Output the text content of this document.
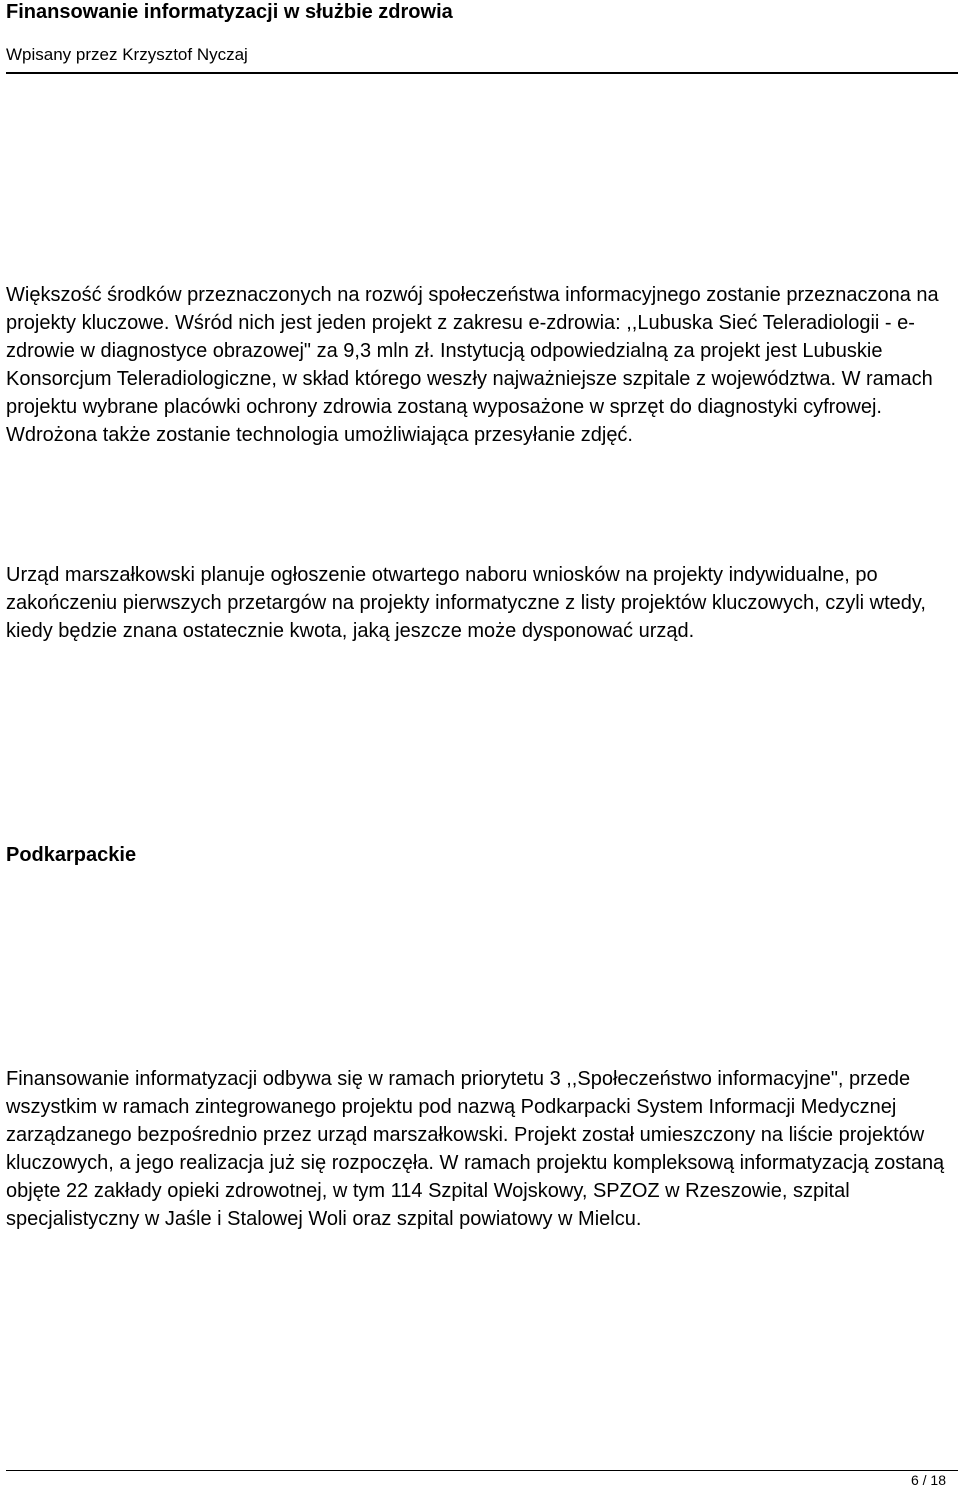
Finansowanie informatyzacji w służbie zdrowia
Wpisany przez Krzysztof Nyczaj

Większość środków przeznaczonych na rozwój społeczeństwa informacyjnego zostanie przeznaczona na projekty kluczowe. Wśród nich jest jeden projekt z zakresu e-zdrowia: ,,Lubuska Sieć Teleradiologii - e-zdrowie w diagnostyce obrazowej" za 9,3 mln zł. Instytucją odpowiedzialną za projekt jest Lubuskie Konsorcjum Teleradiologiczne, w skład którego weszły najważniejsze szpitale z województwa. W ramach projektu wybrane placówki ochrony zdrowia zostaną wyposażone w sprzęt do diagnostyki cyfrowej. Wdrożona także zostanie technologia umożliwiająca przesyłanie zdjęć.

Urząd marszałkowski planuje ogłoszenie otwartego naboru wniosków na projekty indywidualne, po zakończeniu pierwszych przetargów na projekty informatyczne z listy projektów kluczowych, czyli wtedy, kiedy będzie znana ostatecznie kwota, jaką jeszcze może dysponować urząd.

Podkarpackie

Finansowanie informatyzacji odbywa się w ramach priorytetu 3 ,,Społeczeństwo informacyjne", przede wszystkim w ramach zintegrowanego projektu pod nazwą Podkarpacki System Informacji Medycznej zarządzanego bezpośrednio przez urząd marszałkowski. Projekt został umieszczony na liście projektów kluczowych, a jego realizacja już się rozpoczęła. W ramach projektu kompleksową informatyzacją zostaną objęte 22 zakłady opieki zdrowotnej, w tym 114 Szpital Wojskowy, SPZOZ w Rzeszowie, szpital specjalistyczny w Jaśle i Stalowej Woli oraz szpital powiatowy w Mielcu.

6 / 18
